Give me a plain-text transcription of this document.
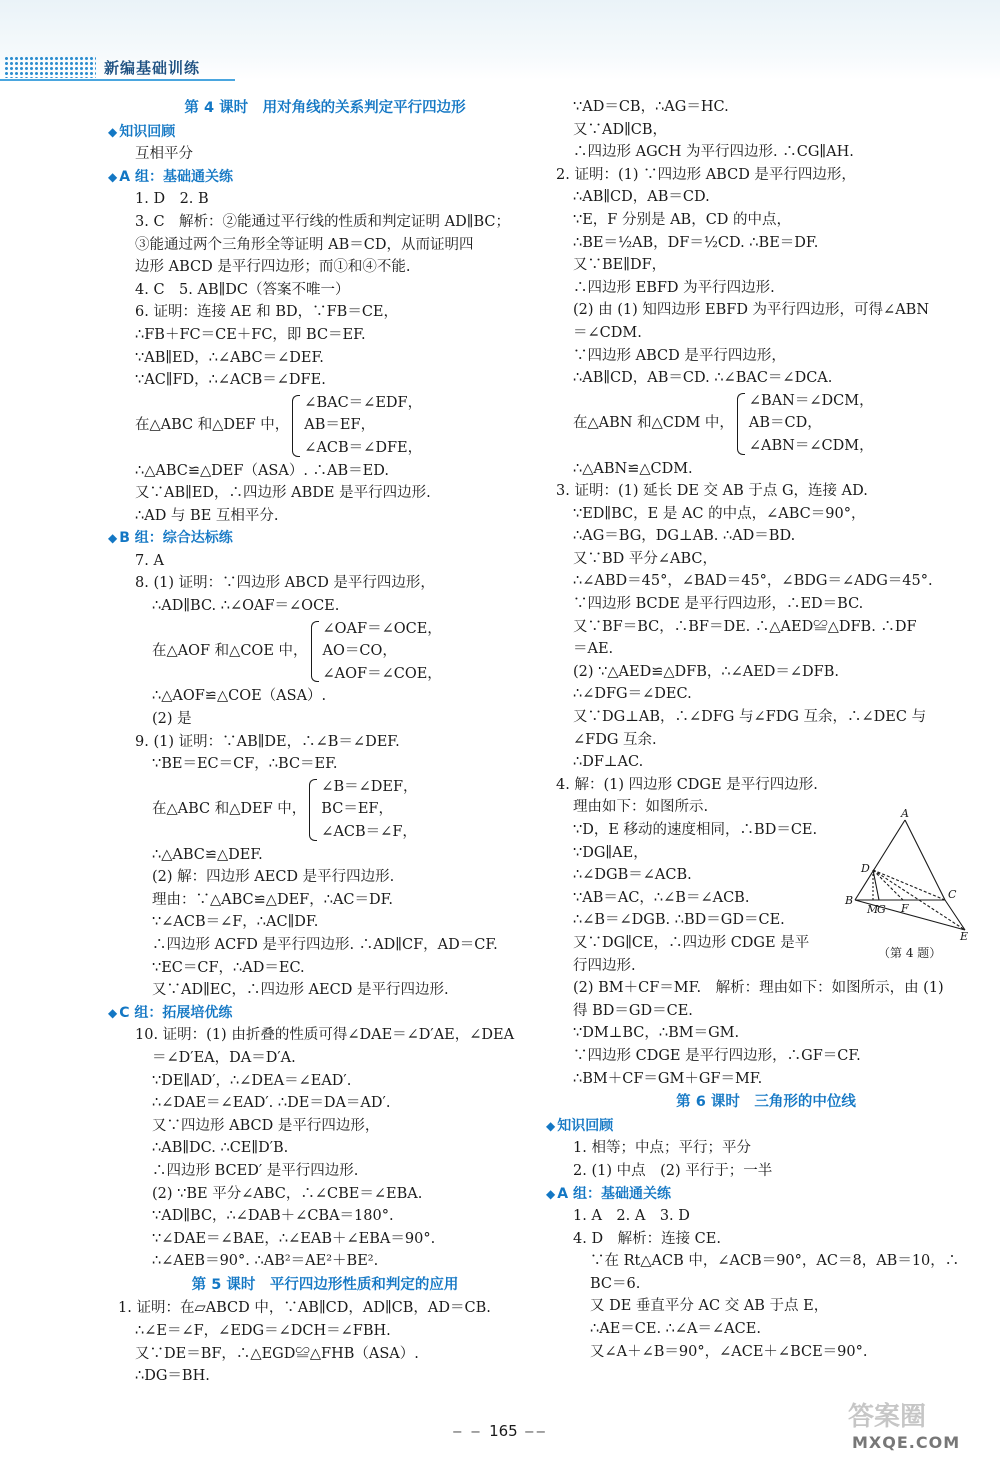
新编基础训练
第 4 课时　用对角线的关系判定平行四边形
◆ 知识回顾
互相平分
◆ A 组：基础通关练
1. D　2. B
3. C　解析：②能通过平行线的性质和判定证明 AD∥BC；
③能通过两个三角形全等证明 AB＝CD，从而证明四
边形 ABCD 是平行四边形；而①和④不能.
4. C　5. AB∥DC（答案不唯一）
6. 证明：连接 AE 和 BD，∵FB＝CE，
∴FB＋FC＝CE＋FC，即 BC＝EF.
∵AB∥ED，∴∠ABC＝∠DEF.
∵AC∥FD，∴∠ACB＝∠DFE.
在△ABC 和△DEF 中，
∠BAC＝∠EDF，
AB＝EF，
∠ACB＝∠DFE，
∴△ABC≌△DEF（ASA）. ∴AB＝ED.
又∵AB∥ED，∴四边形 ABDE 是平行四边形.
∴AD 与 BE 互相平分.
◆ B 组：综合达标练
7. A
8. (1) 证明：∵四边形 ABCD 是平行四边形，
∴AD∥BC. ∴∠OAF＝∠OCE.
在△AOF 和△COE 中，
∠OAF＝∠OCE，
AO＝CO，
∠AOF＝∠COE，
∴△AOF≌△COE（ASA）.
(2) 是
9. (1) 证明：∵AB∥DE，∴∠B＝∠DEF.
∵BE＝EC＝CF，∴BC＝EF.
在△ABC 和△DEF 中，
∠B＝∠DEF，
BC＝EF，
∠ACB＝∠F，
∴△ABC≌△DEF.
(2) 解：四边形 AECD 是平行四边形.
理由：∵△ABC≌△DEF，∴AC＝DF.
∵∠ACB＝∠F，∴AC∥DF.
∴四边形 ACFD 是平行四边形. ∴AD∥CF，AD＝CF.
∵EC＝CF，∴AD＝EC.
又∵AD∥EC，∴四边形 AECD 是平行四边形.
◆ C 组：拓展培优练
10. 证明：(1) 由折叠的性质可得∠DAE＝∠D′AE，∠DEA
＝∠D′EA，DA＝D′A.
∵DE∥AD′，∴∠DEA＝∠EAD′.
∴∠DAE＝∠EAD′. ∴DE＝DA＝AD′.
又∵四边形 ABCD 是平行四边形，
∴AB∥DC. ∴CE∥D′B.
∴四边形 BCED′ 是平行四边形.
(2) ∵BE 平分∠ABC，∴∠CBE＝∠EBA.
∵AD∥BC，∴∠DAB＋∠CBA＝180°.
∵∠DAE＝∠BAE，∴∠EAB＋∠EBA＝90°.
∴∠AEB＝90°. ∴AB²＝AE²＋BE².
第 5 课时　平行四边形性质和判定的应用
1. 证明：在▱ABCD 中，∵AB∥CD，AD∥CB，AD＝CB.
∴∠E＝∠F，∠EDG＝∠DCH＝∠FBH.
又∵DE＝BF，∴△EGD≌△FHB（ASA）.
∴DG＝BH.
∵AD＝CB，∴AG＝HC.
又∵AD∥CB，
∴四边形 AGCH 为平行四边形. ∴CG∥AH.
2. 证明：(1) ∵四边形 ABCD 是平行四边形，
∴AB∥CD，AB＝CD.
∵E，F 分别是 AB，CD 的中点，
∴BE＝½AB，DF＝½CD. ∴BE＝DF.
又∵BE∥DF，
∴四边形 EBFD 为平行四边形.
(2) 由 (1) 知四边形 EBFD 为平行四边形，可得∠ABN
＝∠CDM.
∵四边形 ABCD 是平行四边形，
∴AB∥CD，AB＝CD. ∴∠BAC＝∠DCA.
在△ABN 和△CDM 中，
∠BAN＝∠DCM，
AB＝CD，
∠ABN＝∠CDM，
∴△ABN≌△CDM.
3. 证明：(1) 延长 DE 交 AB 于点 G，连接 AD.
∵ED∥BC，E 是 AC 的中点，∠ABC＝90°，
∴AG＝BG，DG⊥AB. ∴AD＝BD.
又∵BD 平分∠ABC，
∴∠ABD＝45°，∠BAD＝45°，∠BDG＝∠ADG＝45°.
∵四边形 BCDE 是平行四边形，∴ED＝BC.
又∵BF＝BC，∴BF＝DE. ∴△AED≌△DFB. ∴DF
＝AE.
(2) ∵△AED≌△DFB，∴∠AED＝∠DFB.
∴∠DFG＝∠DEC.
又∵DG⊥AB，∴∠DFG 与∠FDG 互余，∴∠DEC 与
∠FDG 互余.
∴DF⊥AC.
4. 解：(1) 四边形 CDGE 是平行四边形.
理由如下：如图所示.
∵D，E 移动的速度相同，∴BD＝CE.
∵DG∥AE，
∴∠DGB＝∠ACB.
∵AB＝AC，∴∠B＝∠ACB.
∴∠B＝∠DGB. ∴BD＝GD＝CE.
又∵DG∥CE，∴四边形 CDGE 是平
行四边形.
(2) BM＋CF＝MF.　解析：理由如下：如图所示，由 (1)
得 BD＝GD＝CE.
∵DM⊥BC，∴BM＝GM.
∵四边形 CDGE 是平行四边形，∴GF＝CF.
∴BM＋CF＝GM＋GF＝MF.
第 6 课时　三角形的中位线
◆ 知识回顾
1. 相等；中点；平行；平分
2. (1) 中点　(2) 平行于；一半
◆ A 组：基础通关练
1. A　2. A　3. D
4. D　解析：连接 CE.
∵在 Rt△ACB 中，∠ACB＝90°，AC＝8，AB＝10，∴
BC＝6.
又 DE 垂直平分 AC 交 AB 于点 E，
∴AE＝CE. ∴∠A＝∠ACE.
又∠A＋∠B＝90°，∠ACE＋∠BCE＝90°.
A
D
B
M
G F
C
E
（第 4 题）
‒ ‒ 165 ‒‒	答案圈
MXQE.COM
